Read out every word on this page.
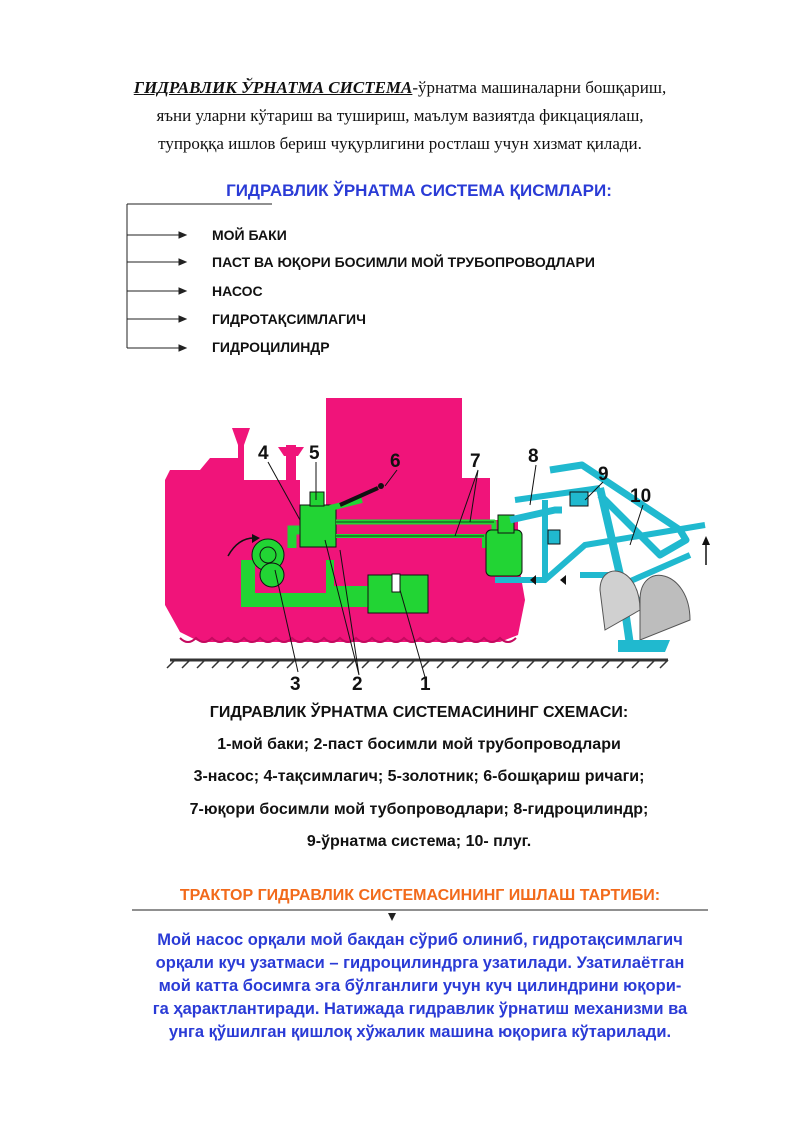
ГИДРАВЛИК ЎРНАТМА СИСТЕМА-ўрнатма машиналарни бошқариш,
яъни уларни кўтариш ва тушириш, маълум вазиятда фикцациялаш,
тупроққа ишлов бериш чуқурлигини ростлаш учун хизмат қилади.
ГИДРАВЛИК ЎРНАТМА СИСТЕМА ҚИСМЛАРИ:
МОЙ БАКИ
ПАСТ ВА ЮҚОРИ БОСИМЛИ МОЙ ТРУБОПРОВОДЛАРИ
НАСОС
ГИДРОТАҚСИМЛАГИЧ
ГИДРОЦИЛИНДР
1
2
3
4 5	6	7 8
9
10
ГИДРАВЛИК ЎРНАТМА СИСТЕМАСИНИНГ СХЕМАСИ:
1-мой баки; 2-паст босимли мой трубопроводлари
3-насос; 4-тақсимлагич; 5-золотник; 6-бошқариш ричаги;
7-юқори босимли мой тубопроводлари; 8-гидроцилиндр;
9-ўрнатма система; 10- плуг.
ТРАКТОР ГИДРАВЛИК СИСТЕМАСИНИНГ ИШЛАШ ТАРТИБИ:
Мой насос орқали мой бакдан сўриб олиниб, гидротақсимлагич
орқали куч узатмаси – гидроцилиндрга узатилади. Узатилаётган
мой катта босимга эга бўлганлиги учун куч цилиндрини юқори-
га ҳарактлантиради. Натижада гидравлик ўрнатиш механизми ва
унга қўшилган қишлоқ хўжалик машина юқорига кўтарилади.
